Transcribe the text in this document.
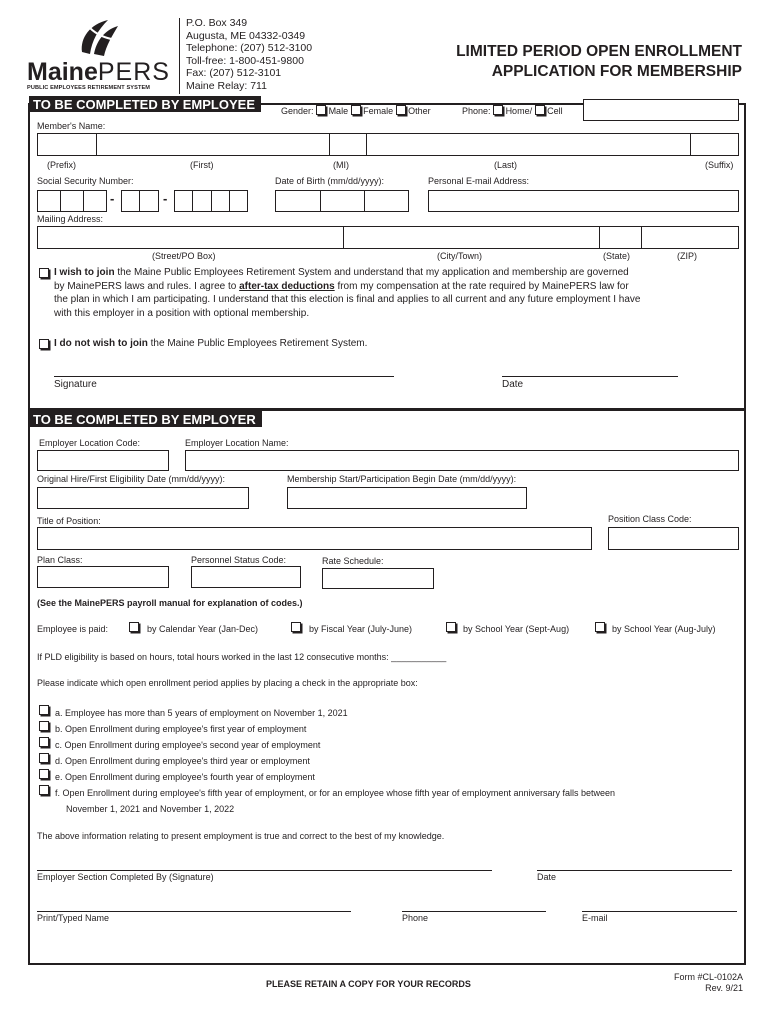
MainePERS
PUBLIC EMPLOYEES RETIREMENT SYSTEM
P.O. Box 349
Augusta, ME 04332-0349
Telephone: (207) 512-3100
Toll-free: 1-800-451-9800
Fax: (207) 512-3101
Maine Relay: 711
LIMITED PERIOD OPEN ENROLLMENT
APPLICATION FOR MEMBERSHIP
TO BE COMPLETED BY EMPLOYEE	Gender: Male Female Other	Phone: Home/ Cell
Member's Name:
(Prefix)	(First)	(MI)	(Last)	(Suffix)
Social Security Number:	Date of Birth (mm/dd/yyyy):	Personal E-mail Address:
-	-
Mailing Address:
(Street/PO Box)	(City/Town)	(State)	(ZIP)
I wish to join the Maine Public Employees Retirement System and understand that my application and membership are governed
by MainePERS laws and rules. I agree to after-tax deductions from my compensation at the rate required by MainePERS law for
the plan in which I am participating. I understand that this election is final and applies to all current and any future employment I have
with this employer in a position with optional membership.
I do not wish to join the Maine Public Employees Retirement System.
Signature	Date
TO BE COMPLETED BY EMPLOYER
Employer Location Code:	Employer Location Name:
Original Hire/First Eligibility Date (mm/dd/yyyy):	Membership Start/Participation Begin Date (mm/dd/yyyy):
Title of Position:	Position Class Code:
Plan Class:	Personnel Status Code:	Rate Schedule:
(See the MainePERS payroll manual for explanation of codes.)
Employee is paid:	by Calendar Year (Jan-Dec)	by Fiscal Year (July-June)	by School Year (Sept-Aug)	by School Year (Aug-July)
If PLD eligibility is based on hours, total hours worked in the last 12 consecutive months: ___________
Please indicate which open enrollment period applies by placing a check in the appropriate box:
a. Employee has more than 5 years of employment on November 1, 2021
b. Open Enrollment during employee's first year of employment
c. Open Enrollment during employee's second year of employment
d. Open Enrollment during employee's third year or employment
e. Open Enrollment during employee's fourth year of employment
f. Open Enrollment during employee's fifth year of employment, or for an employee whose fifth year of employment anniversary falls between
November 1, 2021 and November 1, 2022
The above information relating to present employment is true and correct to the best of my knowledge.
Employer Section Completed By (Signature)	Date
Print/Typed Name	Phone	E-mail
PLEASE RETAIN A COPY FOR YOUR RECORDS
Form #CL-0102A
Rev. 9/21
